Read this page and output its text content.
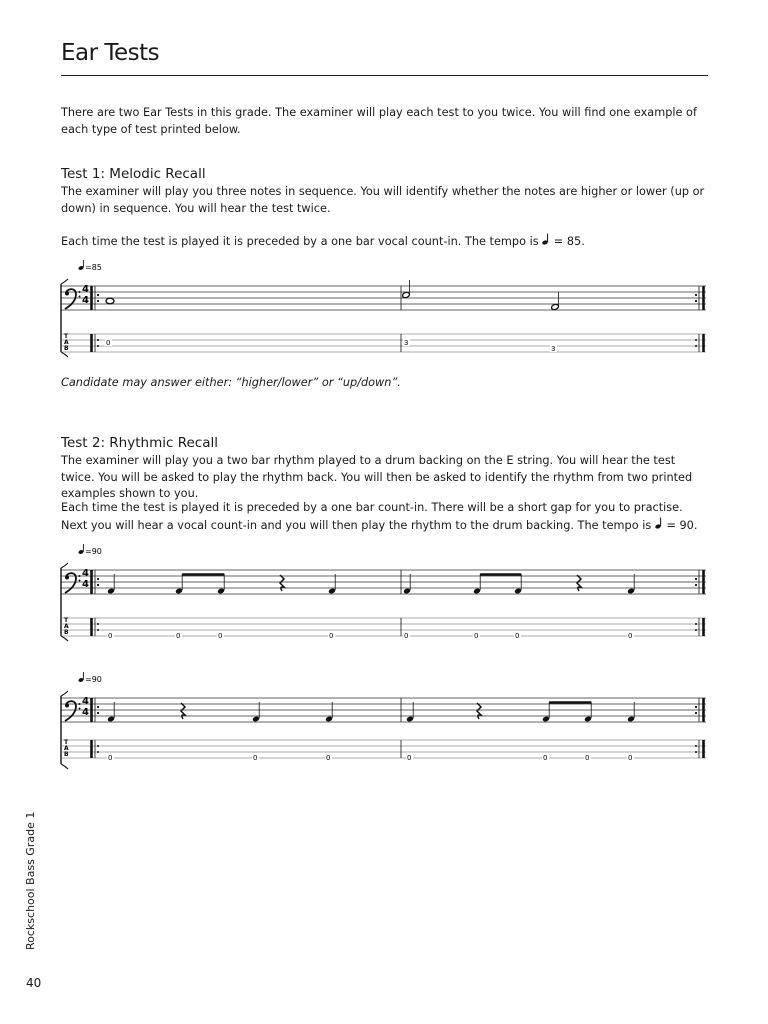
Ear Tests
There are two Ear Tests in this grade. The examiner will play each test to you twice. You will find one example of each type of test printed below.
Test 1: Melodic Recall
The examiner will play you three notes in sequence. You will identify whether the notes are higher or lower (up or down) in sequence. You will hear the test twice.
Each time the test is played it is preceded by a one bar vocal count-in. The tempo is = 85.
=85
4
4
T
A
B
0	3
3
Candidate may answer either: “higher/lower” or “up/down”.
Test 2: Rhythmic Recall
The examiner will play you a two bar rhythm played to a drum backing on the E string. You will hear the test twice. You will be asked to play the rhythm back. You will then be asked to identify the rhythm from two printed examples shown to you.
Each time the test is played it is preceded by a one bar count-in. There will be a short gap for you to practise. Next you will hear a vocal count-in and you will then play the rhythm to the drum backing. The tempo is = 90.
=90
4
4
T
A
B	0	0	0	0	0	0	0	0
=90
4
4
T
A
B	0	0	0	0	0	0	0
Rockschool Bass Grade 1
40
